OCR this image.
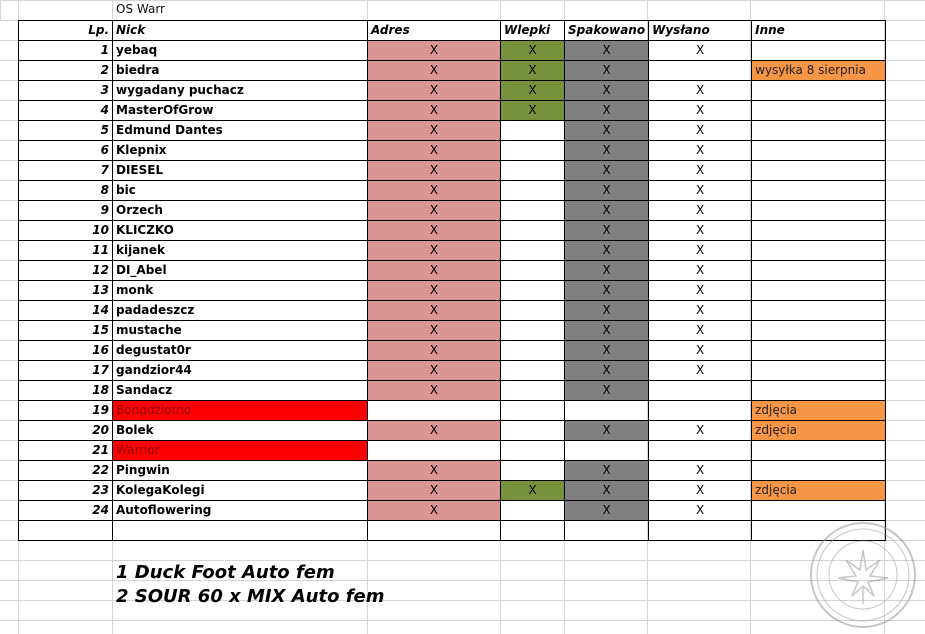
OS Warr
Lp.	Nick	Adres	Wlepki	Spakowano	Wysłano	Inne
1	yebaq	X	X	X	X	
2	biedra	X	X	X		wysyłka 8 sierpnia
3	wygadany puchacz	X	X	X	X	
4	MasterOfGrow	X	X	X	X	
5	Edmund Dantes	X		X	X	
6	Klepnix	X		X	X	
7	DIESEL	X		X	X	
8	bic	X		X	X	
9	Orzech	X		X	X	
10	KLICZKO	X		X	X	
11	kijanek	X		X	X	
12	DI_Abel	X		X	X	
13	monk	X		X	X	
14	padadeszcz	X		X	X	
15	mustache	X		X	X	
16	degustat0r	X		X	X	
17	gandzior44	X		X	X	
18	Sandacz	X		X		
19	Bongdziorno					zdjęcia
20	Bolek	X		X	X	zdjęcia
21	Warrior					
22	Pingwin	X		X	X	
23	KolegaKolegi	X	X	X	X	zdjęcia
24	Autoflowering	X		X	X	

1 Duck Foot Auto fem
2 SOUR 60 x MIX Auto fem
